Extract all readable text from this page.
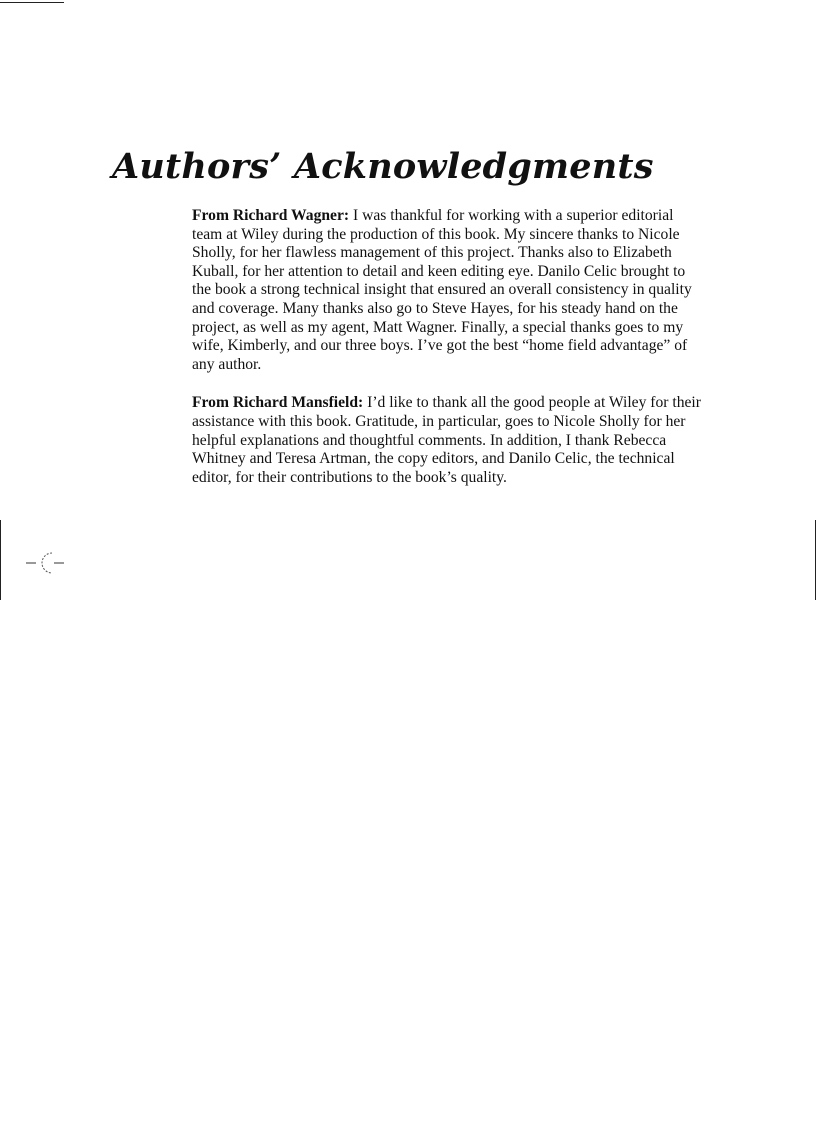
Authors’ Acknowledgments

From Richard Wagner: I was thankful for working with a superior editorial team at Wiley during the production of this book. My sincere thanks to Nicole Sholly, for her flawless management of this project. Thanks also to Elizabeth Kuball, for her attention to detail and keen editing eye. Danilo Celic brought to the book a strong technical insight that ensured an overall consistency in quality and coverage. Many thanks also go to Steve Hayes, for his steady hand on the project, as well as my agent, Matt Wagner. Finally, a special thanks goes to my wife, Kimberly, and our three boys. I’ve got the best “home field advantage” of any author.

From Richard Mansfield: I’d like to thank all the good people at Wiley for their assistance with this book. Gratitude, in particular, goes to Nicole Sholly for her helpful explanations and thoughtful comments. In addition, I thank Rebecca Whitney and Teresa Artman, the copy editors, and Danilo Celic, the technical editor, for their contributions to the book’s quality.
